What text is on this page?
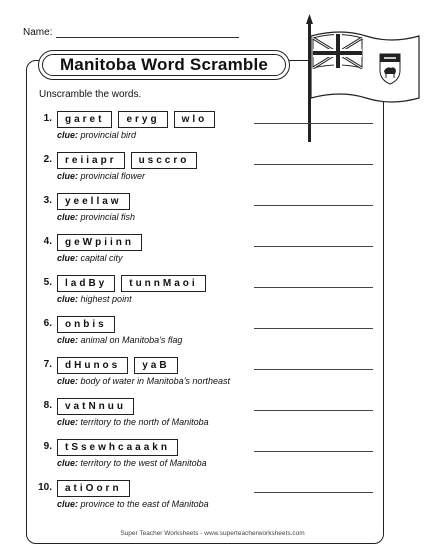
Name:
Manitoba Word Scramble
Unscramble the words.
1.	garet	eryg	wlo
clue: provincial bird
2.	reiiapr	usccro
clue: provincial flower
3.	yeellaw
clue: provincial fish
4.	geWpiinn
clue: capital city
5.	ladBy	tunnMaoi
clue: highest point
6.	onbis
clue: animal on Manitoba’s flag
7.	dHunos	yaB
clue: body of water in Manitoba’s northeast
8.	vatNnuu
clue: territory to the north of Manitoba
9.	tSsewhcaaakn
clue: territory to the west of Manitoba
10.	atiOorn
clue: province to the east of Manitoba
Super Teacher Worksheets - www.superteacherworksheets.com
